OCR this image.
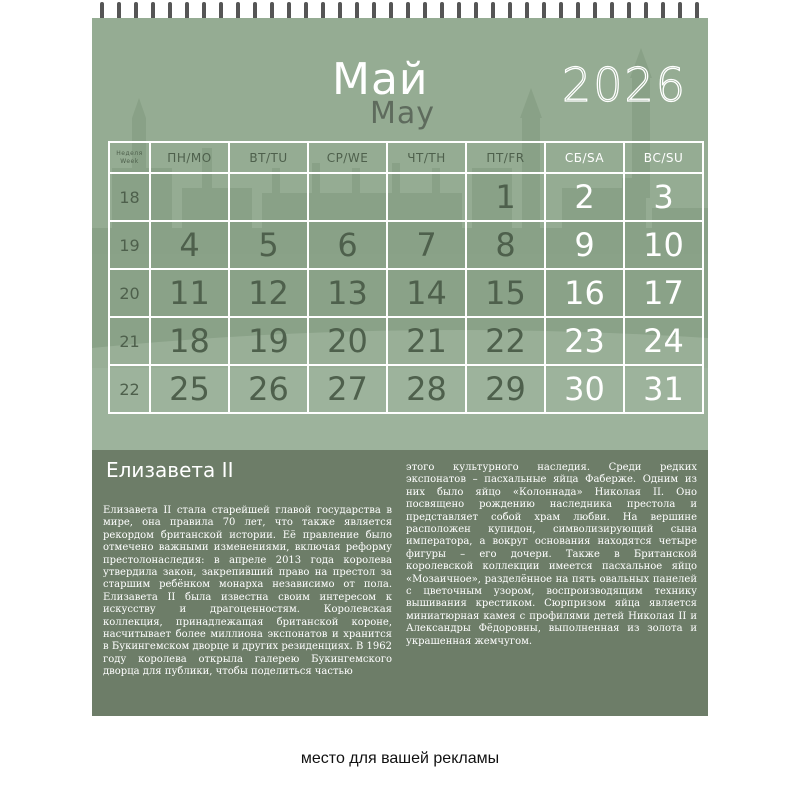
Май
May
2026
Неделя Week	ПН/MO	ВТ/TU	СР/WE	ЧТ/TH	ПТ/FR	СБ/SA	ВС/SU
18					1	2	3
19	4	5	6	7	8	9	10
20	11	12	13	14	15	16	17
21	18	19	20	21	22	23	24
22	25	26	27	28	29	30	31
Елизавета II
Елизавета II стала старейшей главой государства в мире, она правила 70 лет, что также является рекордом британской истории. Её правление было отмечено важными изменениями, включая реформу престолонаследия: в апреле 2013 года королева утвердила закон, закрепивший право на престол за старшим ребёнком монарха независимо от пола. Елизавета II была известна своим интересом к искусству и драгоценностям. Королевская коллекция, принадлежащая британской короне, насчитывает более миллиона экспонатов и хранится в Букингемском дворце и других резиденциях. В 1962 году королева открыла галерею Букингемского дворца для публики, чтобы поделиться частью
этого культурного наследия. Среди редких экспонатов – пасхальные яйца Фаберже. Одним из них было яйцо «Колоннада» Николая II. Оно посвящено рождению наследника престола и представляет собой храм любви. На вершине расположен купидон, символизирующий сына императора, а вокруг основания находятся четыре фигуры – его дочери. Также в Британской королевской коллекции имеется пасхальное яйцо «Мозаичное», разделённое на пять овальных панелей с цветочным узором, воспроизводящим технику вышивания крестиком. Сюрпризом яйца является миниатюрная камея с профилями детей Николая II и Александры Фёдоровны, выполненная из золота и украшенная жемчугом.
место для вашей рекламы
